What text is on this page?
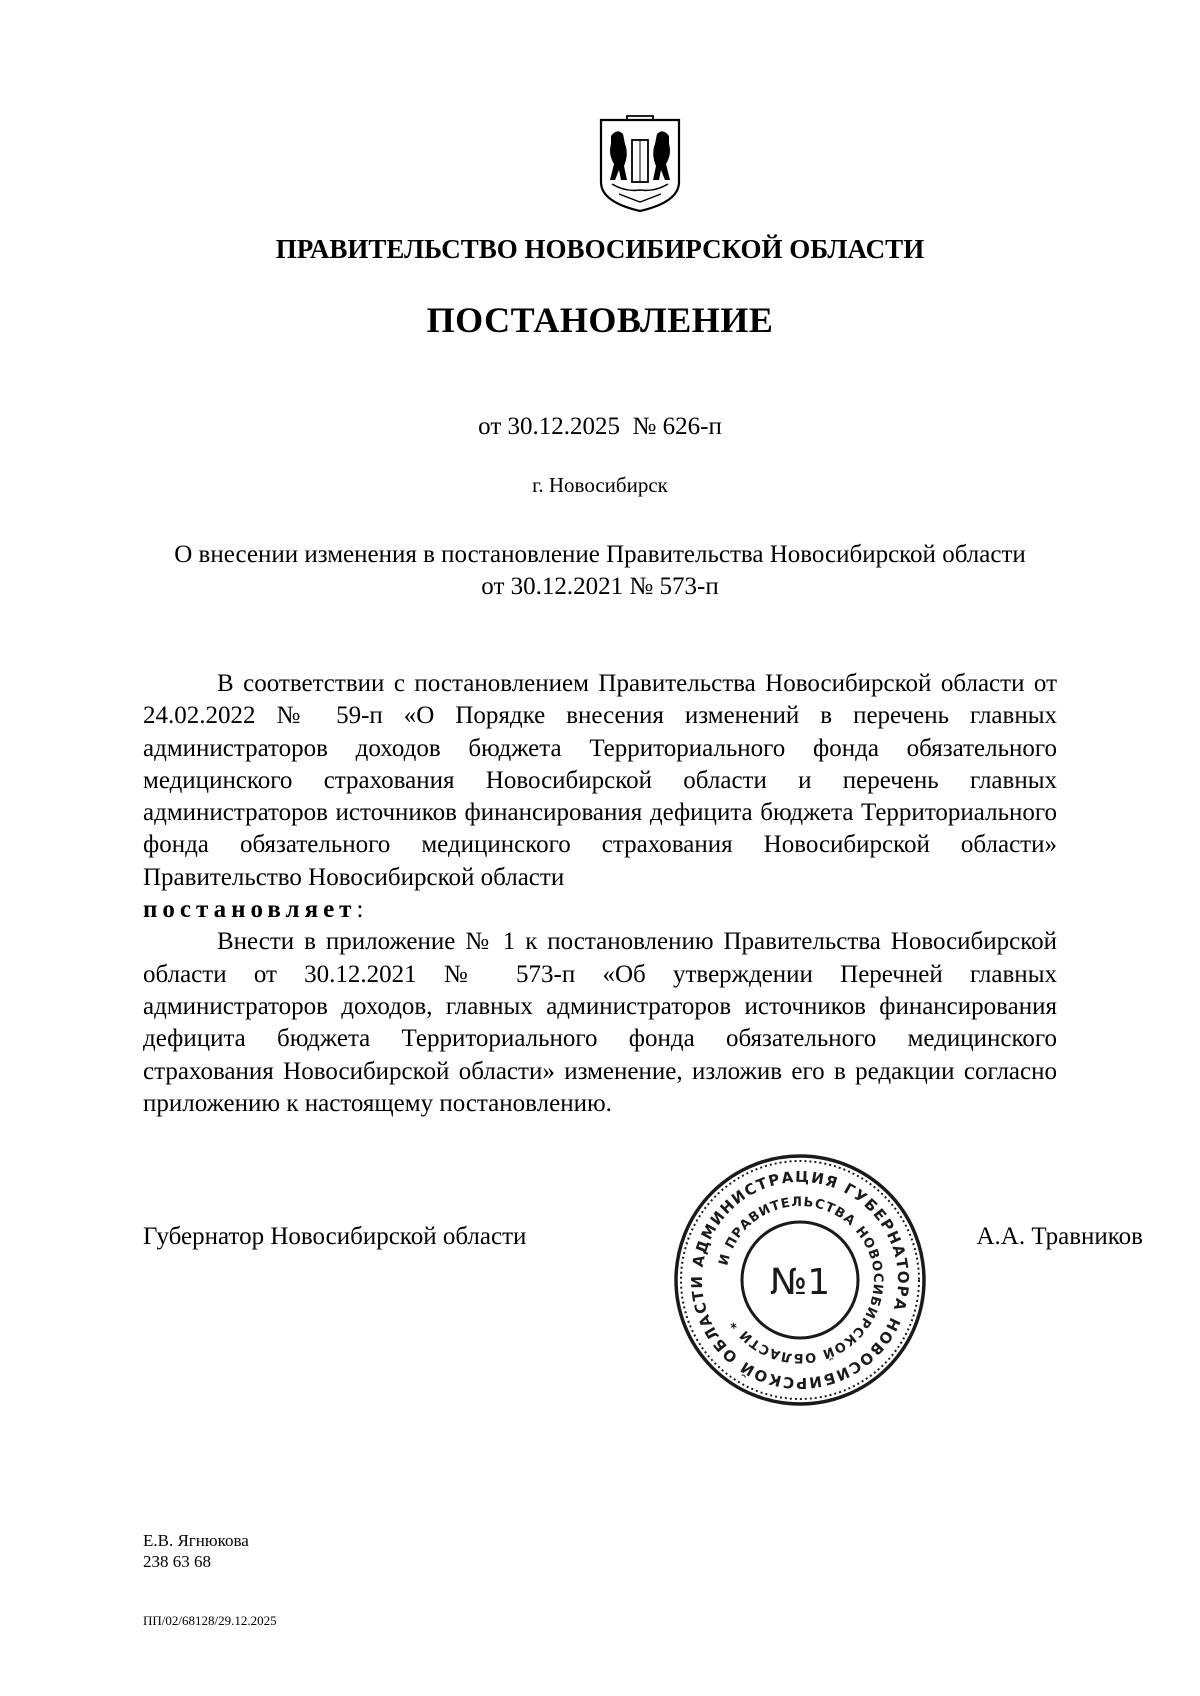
ПРАВИТЕЛЬСТВО НОВОСИБИРСКОЙ ОБЛАСТИ
ПОСТАНОВЛЕНИЕ
от 30.12.2025  № 626-п
г. Новосибирск
О внесении изменения в постановление Правительства Новосибирской области
от 30.12.2021 № 573-п

В соответствии с постановлением Правительства Новосибирской области от 24.02.2022 № 59-п «О Порядке внесения изменений в перечень главных администраторов доходов бюджета Территориального фонда обязательного медицинского страхования Новосибирской области и перечень главных администраторов источников финансирования дефицита бюджета Территориального фонда обязательного медицинского страхования Новосибирской области» Правительство Новосибирской области

постановляет:

Внести в приложение № 1 к постановлению Правительства Новосибирской области от 30.12.2021 № 573-п «Об утверждении Перечней главных администраторов доходов, главных администраторов источников финансирования дефицита бюджета Территориального фонда обязательного медицинского страхования Новосибирской области» изменение, изложив его в редакции согласно приложению к настоящему постановлению.

Губернатор Новосибирской области	А.А. Травников
АДМИНИСТРАЦИЯ ГУБЕРНАТОРА НОВОСИБИРСКОЙ ОБЛАСТИ
И ПРАВИТЕЛЬСТВА НОВОСИБИРСКОЙ ОБЛАСТИ *
№1
Е.В. Ягнюкова
238 63 68
ПП/02/68128/29.12.2025
